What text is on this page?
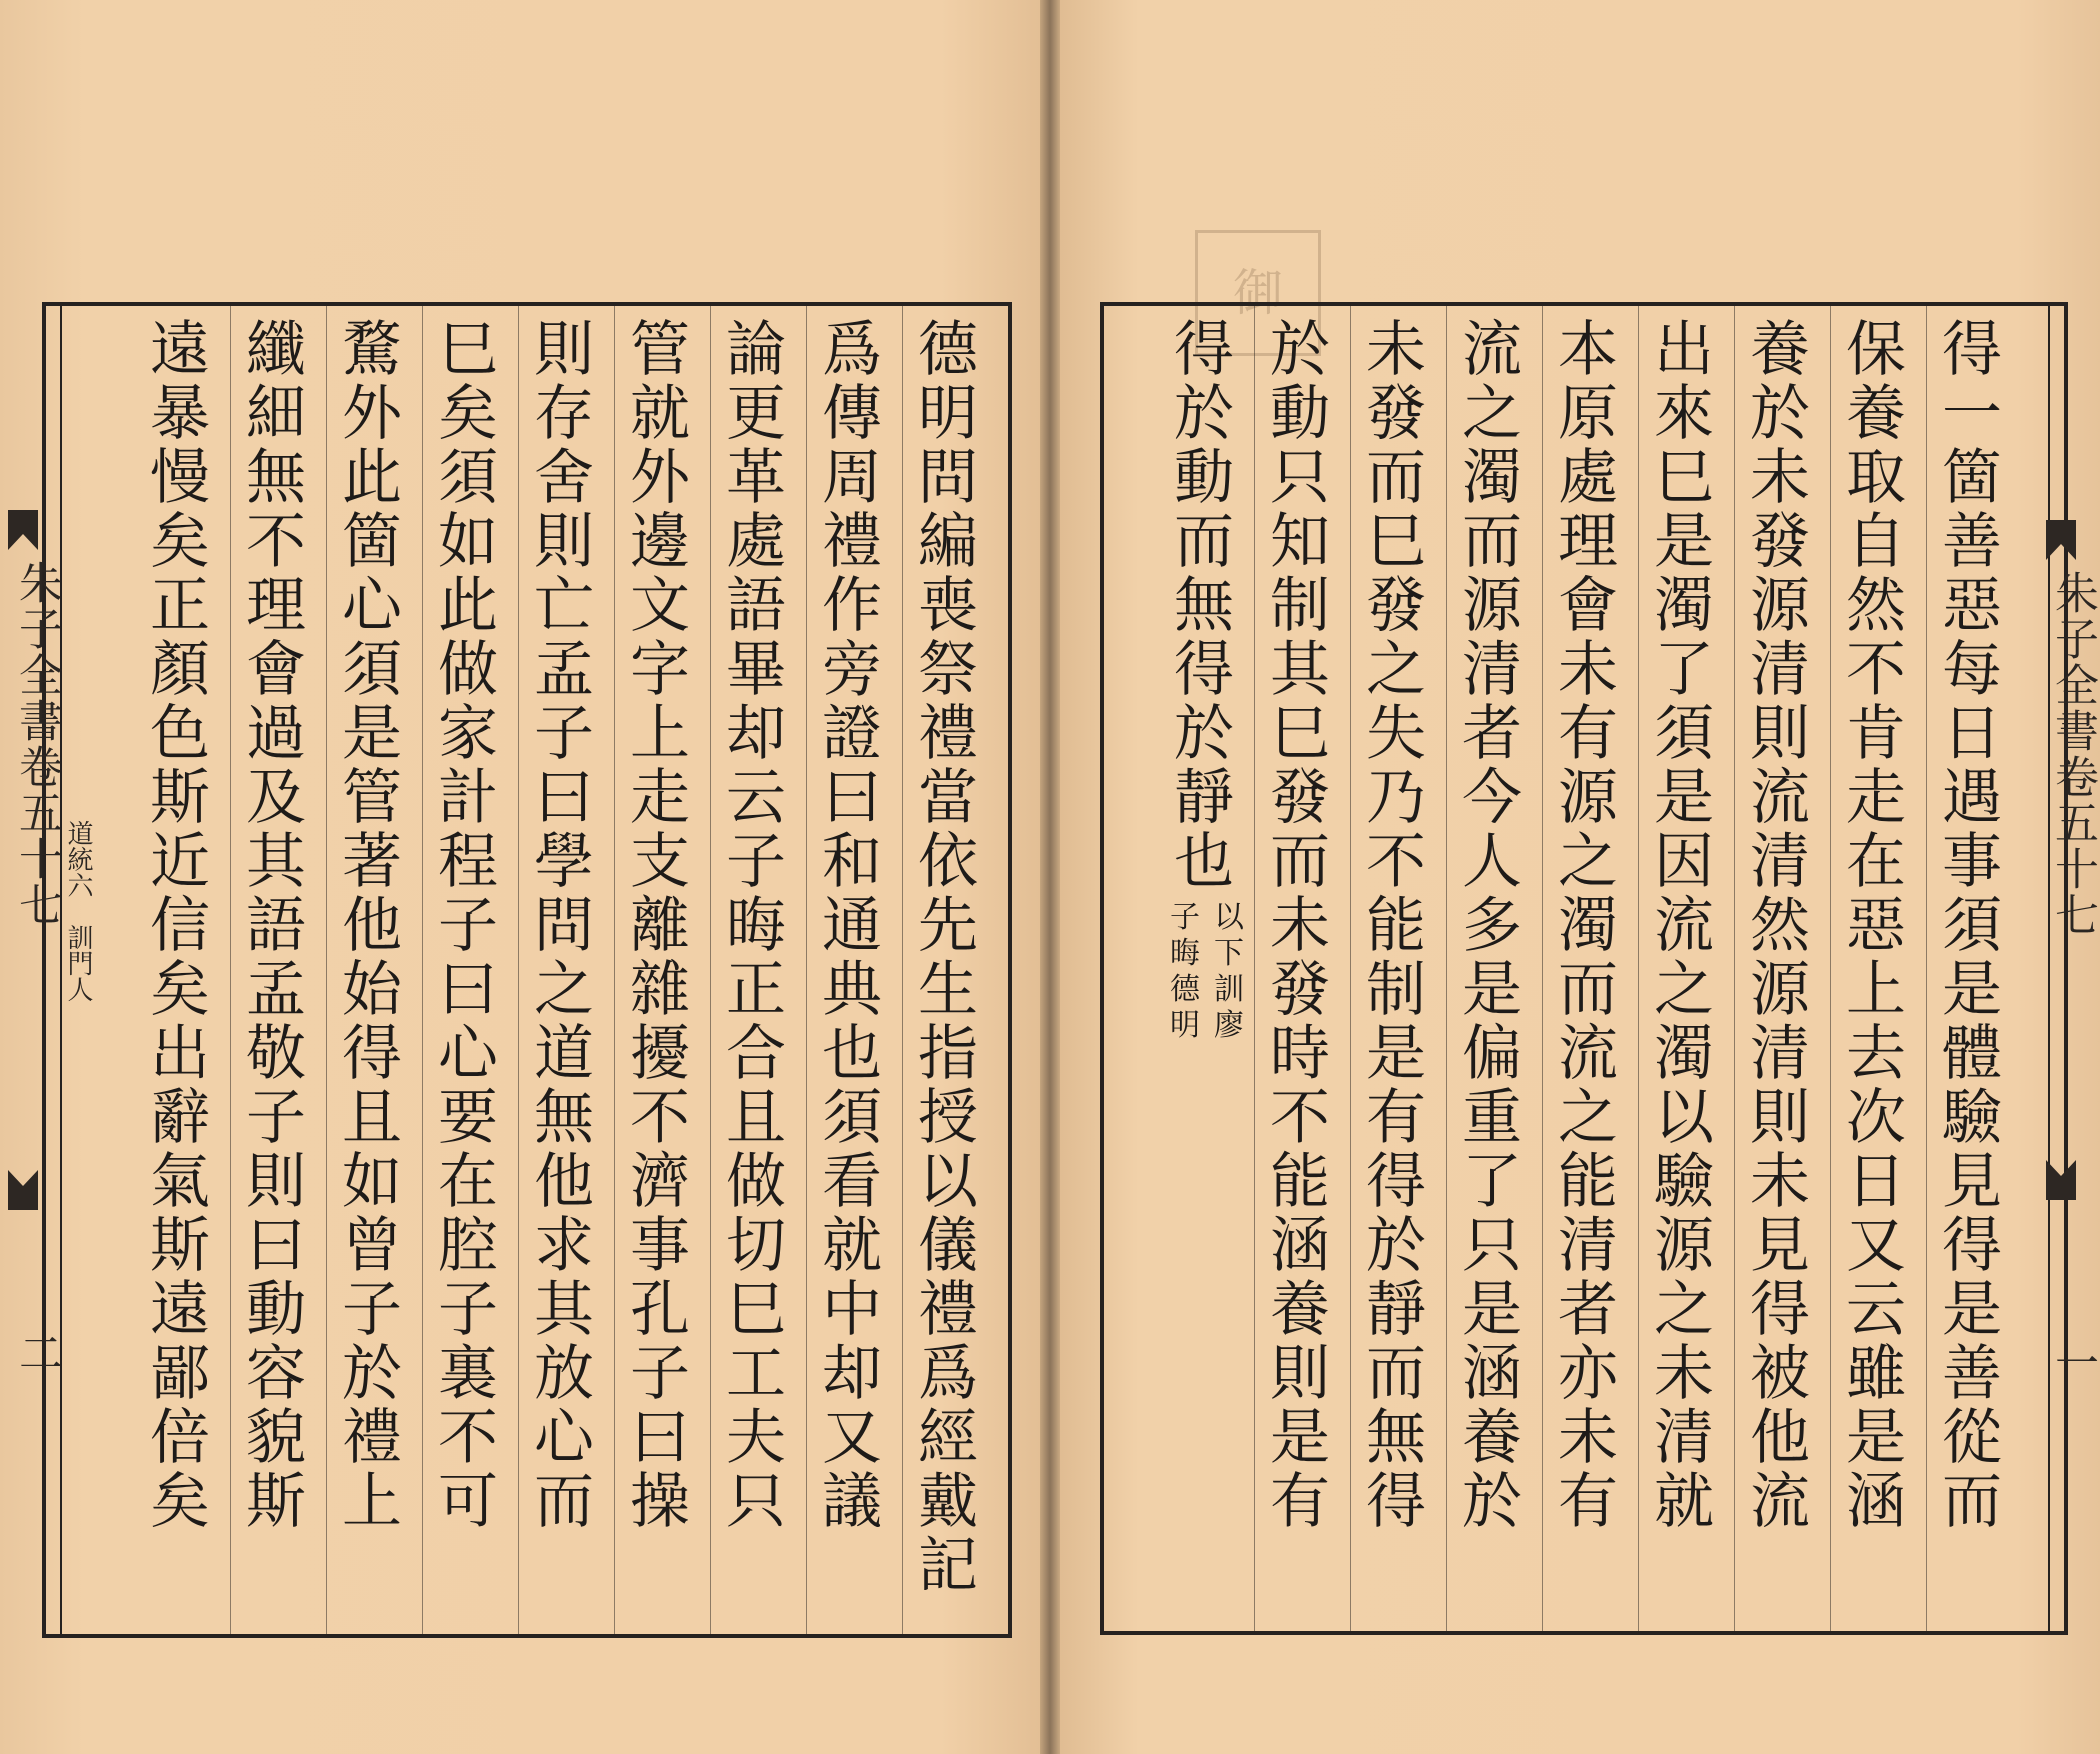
御
德
明
問
編
喪
祭
禮
當
依
先
生
指
授
以
儀
禮
爲
經
戴
記
爲
傳
周
禮
作
旁
證
曰
和
通
典
也
須
看
就
中
却
又
議
論
更
革
處
語
畢
却
云
子
晦
正
合
且
做
切
巳
工
夫
只
管
就
外
邊
文
字
上
走
支
離
雜
擾
不
濟
事
孔
子
曰
操
則
存
舍
則
亡
孟
子
曰
學
問
之
道
無
他
求
其
放
心
而
巳
矣
須
如
此
做
家
計
程
子
曰
心
要
在
腔
子
裏
不
可
騖
外
此
箇
心
須
是
管
著
他
始
得
且
如
曾
子
於
禮
上
纖
細
無
不
理
會
過
及
其
語
孟
敬
子
則
曰
動
容
貌
斯
遠
暴
慢
矣
正
顏
色
斯
近
信
矣
出
辭
氣
斯
遠
鄙
倍
矣
朱子全書卷五十七
二
道統六　訓門人
得
一
箇
善
惡
每
日
遇
事
須
是
體
驗
見
得
是
善
從
而
保
養
取
自
然
不
肯
走
在
惡
上
去
次
日
又
云
雖
是
涵
養
於
未
發
源
清
則
流
清
然
源
清
則
未
見
得
被
他
流
出
來
巳
是
濁
了
須
是
因
流
之
濁
以
驗
源
之
未
清
就
本
原
處
理
會
未
有
源
之
濁
而
流
之
能
清
者
亦
未
有
流
之
濁
而
源
清
者
今
人
多
是
偏
重
了
只
是
涵
養
於
未
發
而
巳
發
之
失
乃
不
能
制
是
有
得
於
靜
而
無
得
於
動
只
知
制
其
巳
發
而
未
發
時
不
能
涵
養
則
是
有
得
於
動
而
無
得
於
靜
也
以
下
訓
廖
子
晦
德
明
朱子全書卷五十七
一
